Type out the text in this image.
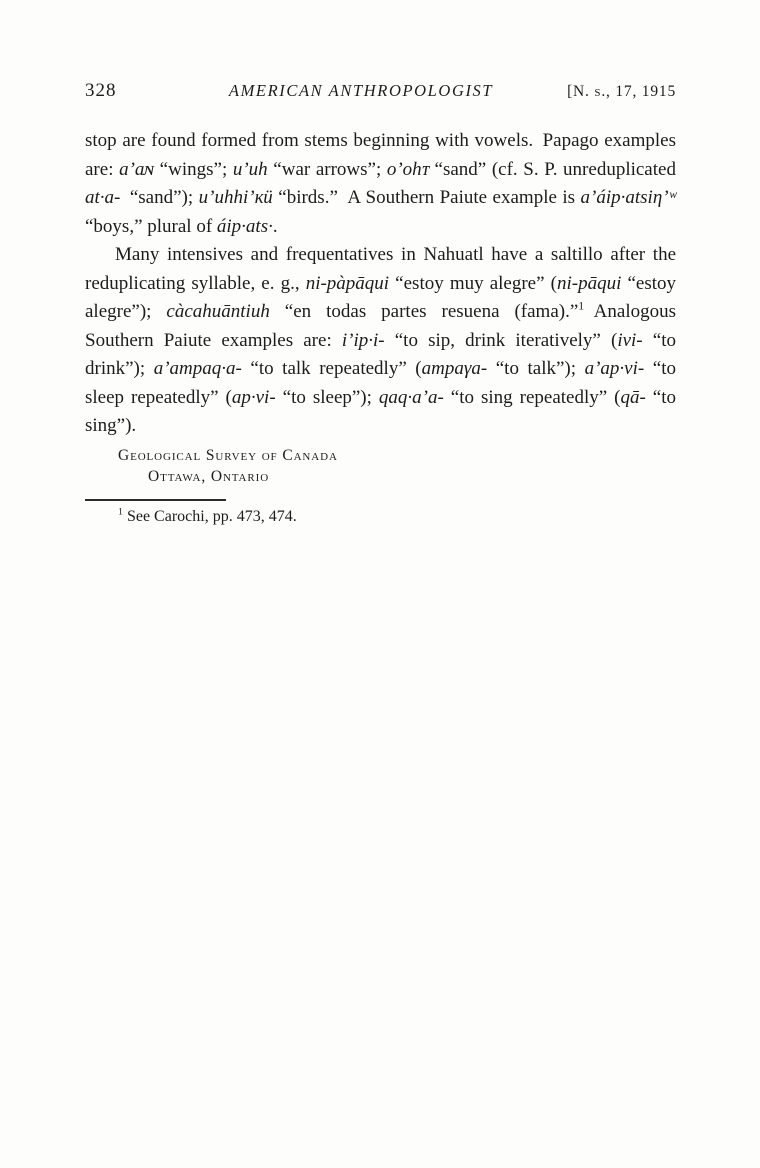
328	AMERICAN ANTHROPOLOGIST	[N. s., 17, 1915

stop are found formed from stems beginning with vowels. Papago examples are: a’aɴ “wings”; u’uh “war arrows”; o’ohᴛ “sand” (cf. S. P. unreduplicated at·a- “sand”); u’uhhi’ᴋü “birds.” A Southern Paiute example is a’áip·atsiη’ʷ “boys,” plural of áip·ats·.

Many intensives and frequentatives in Nahuatl have a saltillo after the reduplicating syllable, e. g., ni-pàpāqui “estoy muy alegre” (ni-pāqui “estoy alegre”); càcahuāntiuh “en todas partes resuena (fama).”$^1$ Analogous Southern Paiute examples are: i’ip·i- “to sip, drink iteratively” (ivi- “to drink”); a’ampaq·a- “to talk repeatedly” (ampaγa- “to talk”); a’ap·vi- “to sleep repeatedly” (ap·vi- “to sleep”); qaq·a’a- “to sing repeatedly” (qā- “to sing”).

Geological Survey of Canada
Ottawa, Ontario
$^1$ See Carochi, pp. 473, 474.
